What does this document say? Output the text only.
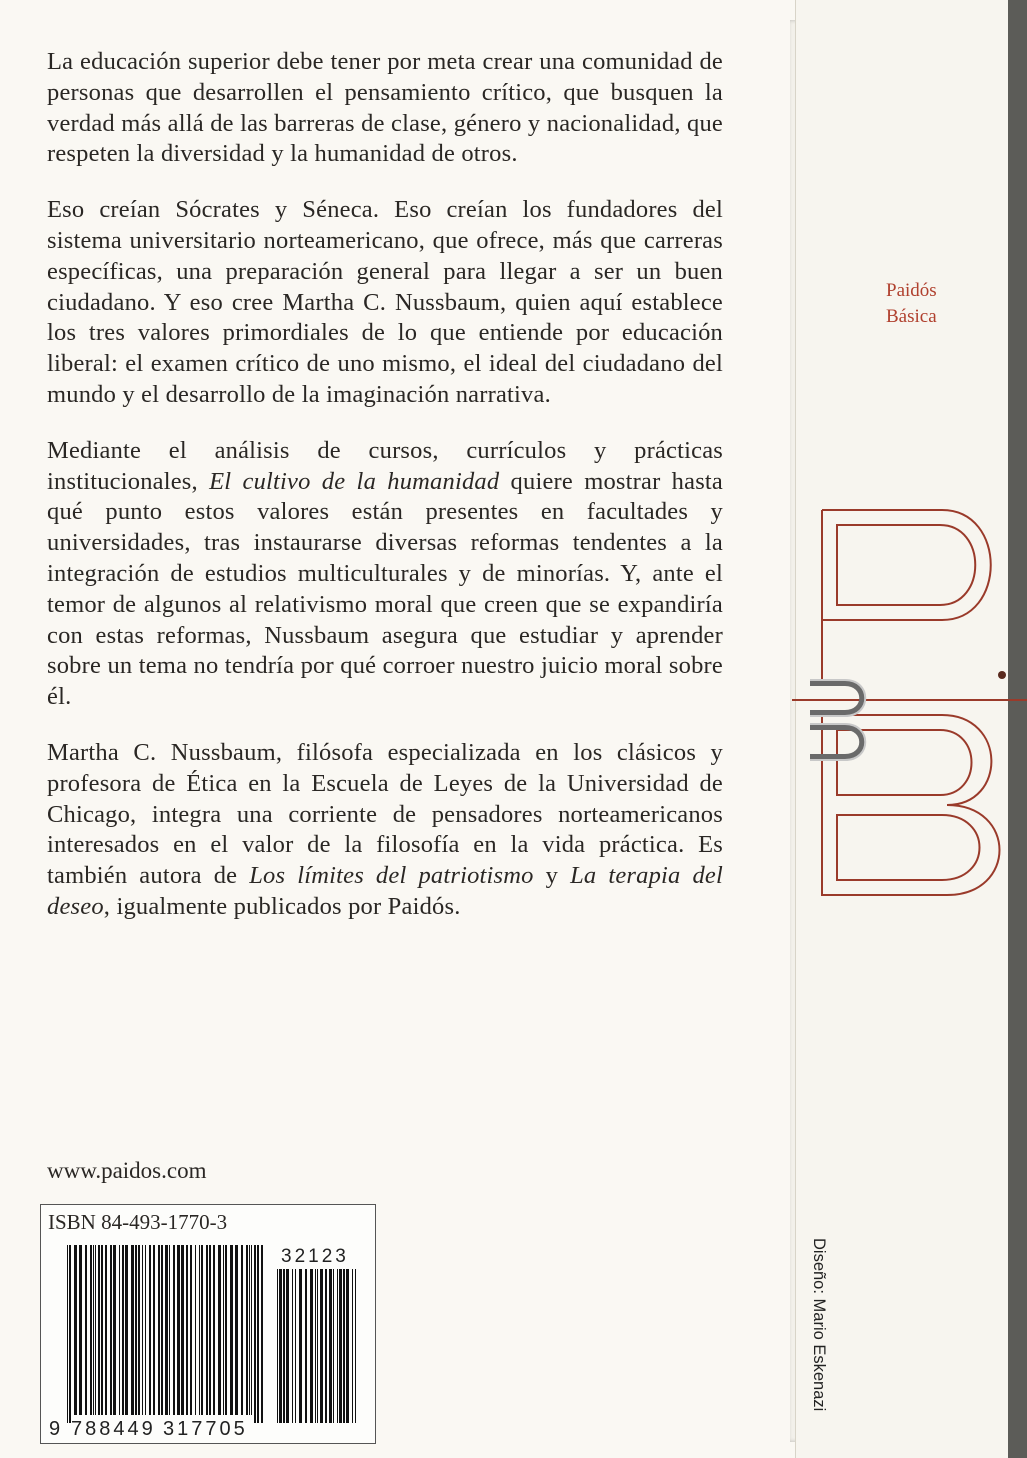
La educación superior debe tener por meta crear una comunidad de personas que desarrollen el pensamiento crítico, que busquen la verdad más allá de las barreras de clase, género y nacionalidad, que respeten la diversidad y la humanidad de otros.

Eso creían Sócrates y Séneca. Eso creían los fundadores del sistema universitario norteamericano, que ofrece, más que carreras específicas, una preparación general para llegar a ser un buen ciudadano. Y eso cree Martha C. Nussbaum, quien aquí establece los tres valores primordiales de lo que entiende por educación liberal: el examen crítico de uno mismo, el ideal del ciudadano del mundo y el desarrollo de la imaginación narrativa.

Mediante el análisis de cursos, currículos y prácticas institucionales, El cultivo de la humanidad quiere mostrar hasta qué punto estos valores están presentes en facultades y universidades, tras instaurarse diversas reformas tendentes a la integración de estudios multiculturales y de minorías. Y, ante el temor de algunos al relativismo moral que creen que se expandiría con estas reformas, Nussbaum asegura que estudiar y aprender sobre un tema no tendría por qué corroer nuestro juicio moral sobre él.

Martha C. Nussbaum, filósofa especializada en los clásicos y profesora de Ética en la Escuela de Leyes de la Universidad de Chicago, integra una corriente de pensadores norteamericanos interesados en el valor de la filosofía en la vida práctica. Es también autora de Los límites del patriotismo y La terapia del deseo, igualmente publicados por Paidós.

www.paidos.com
ISBN 84-493-1770-3
32123
9 788449 317705
Paidós
Básica
Diseño: Mario Eskenazi
